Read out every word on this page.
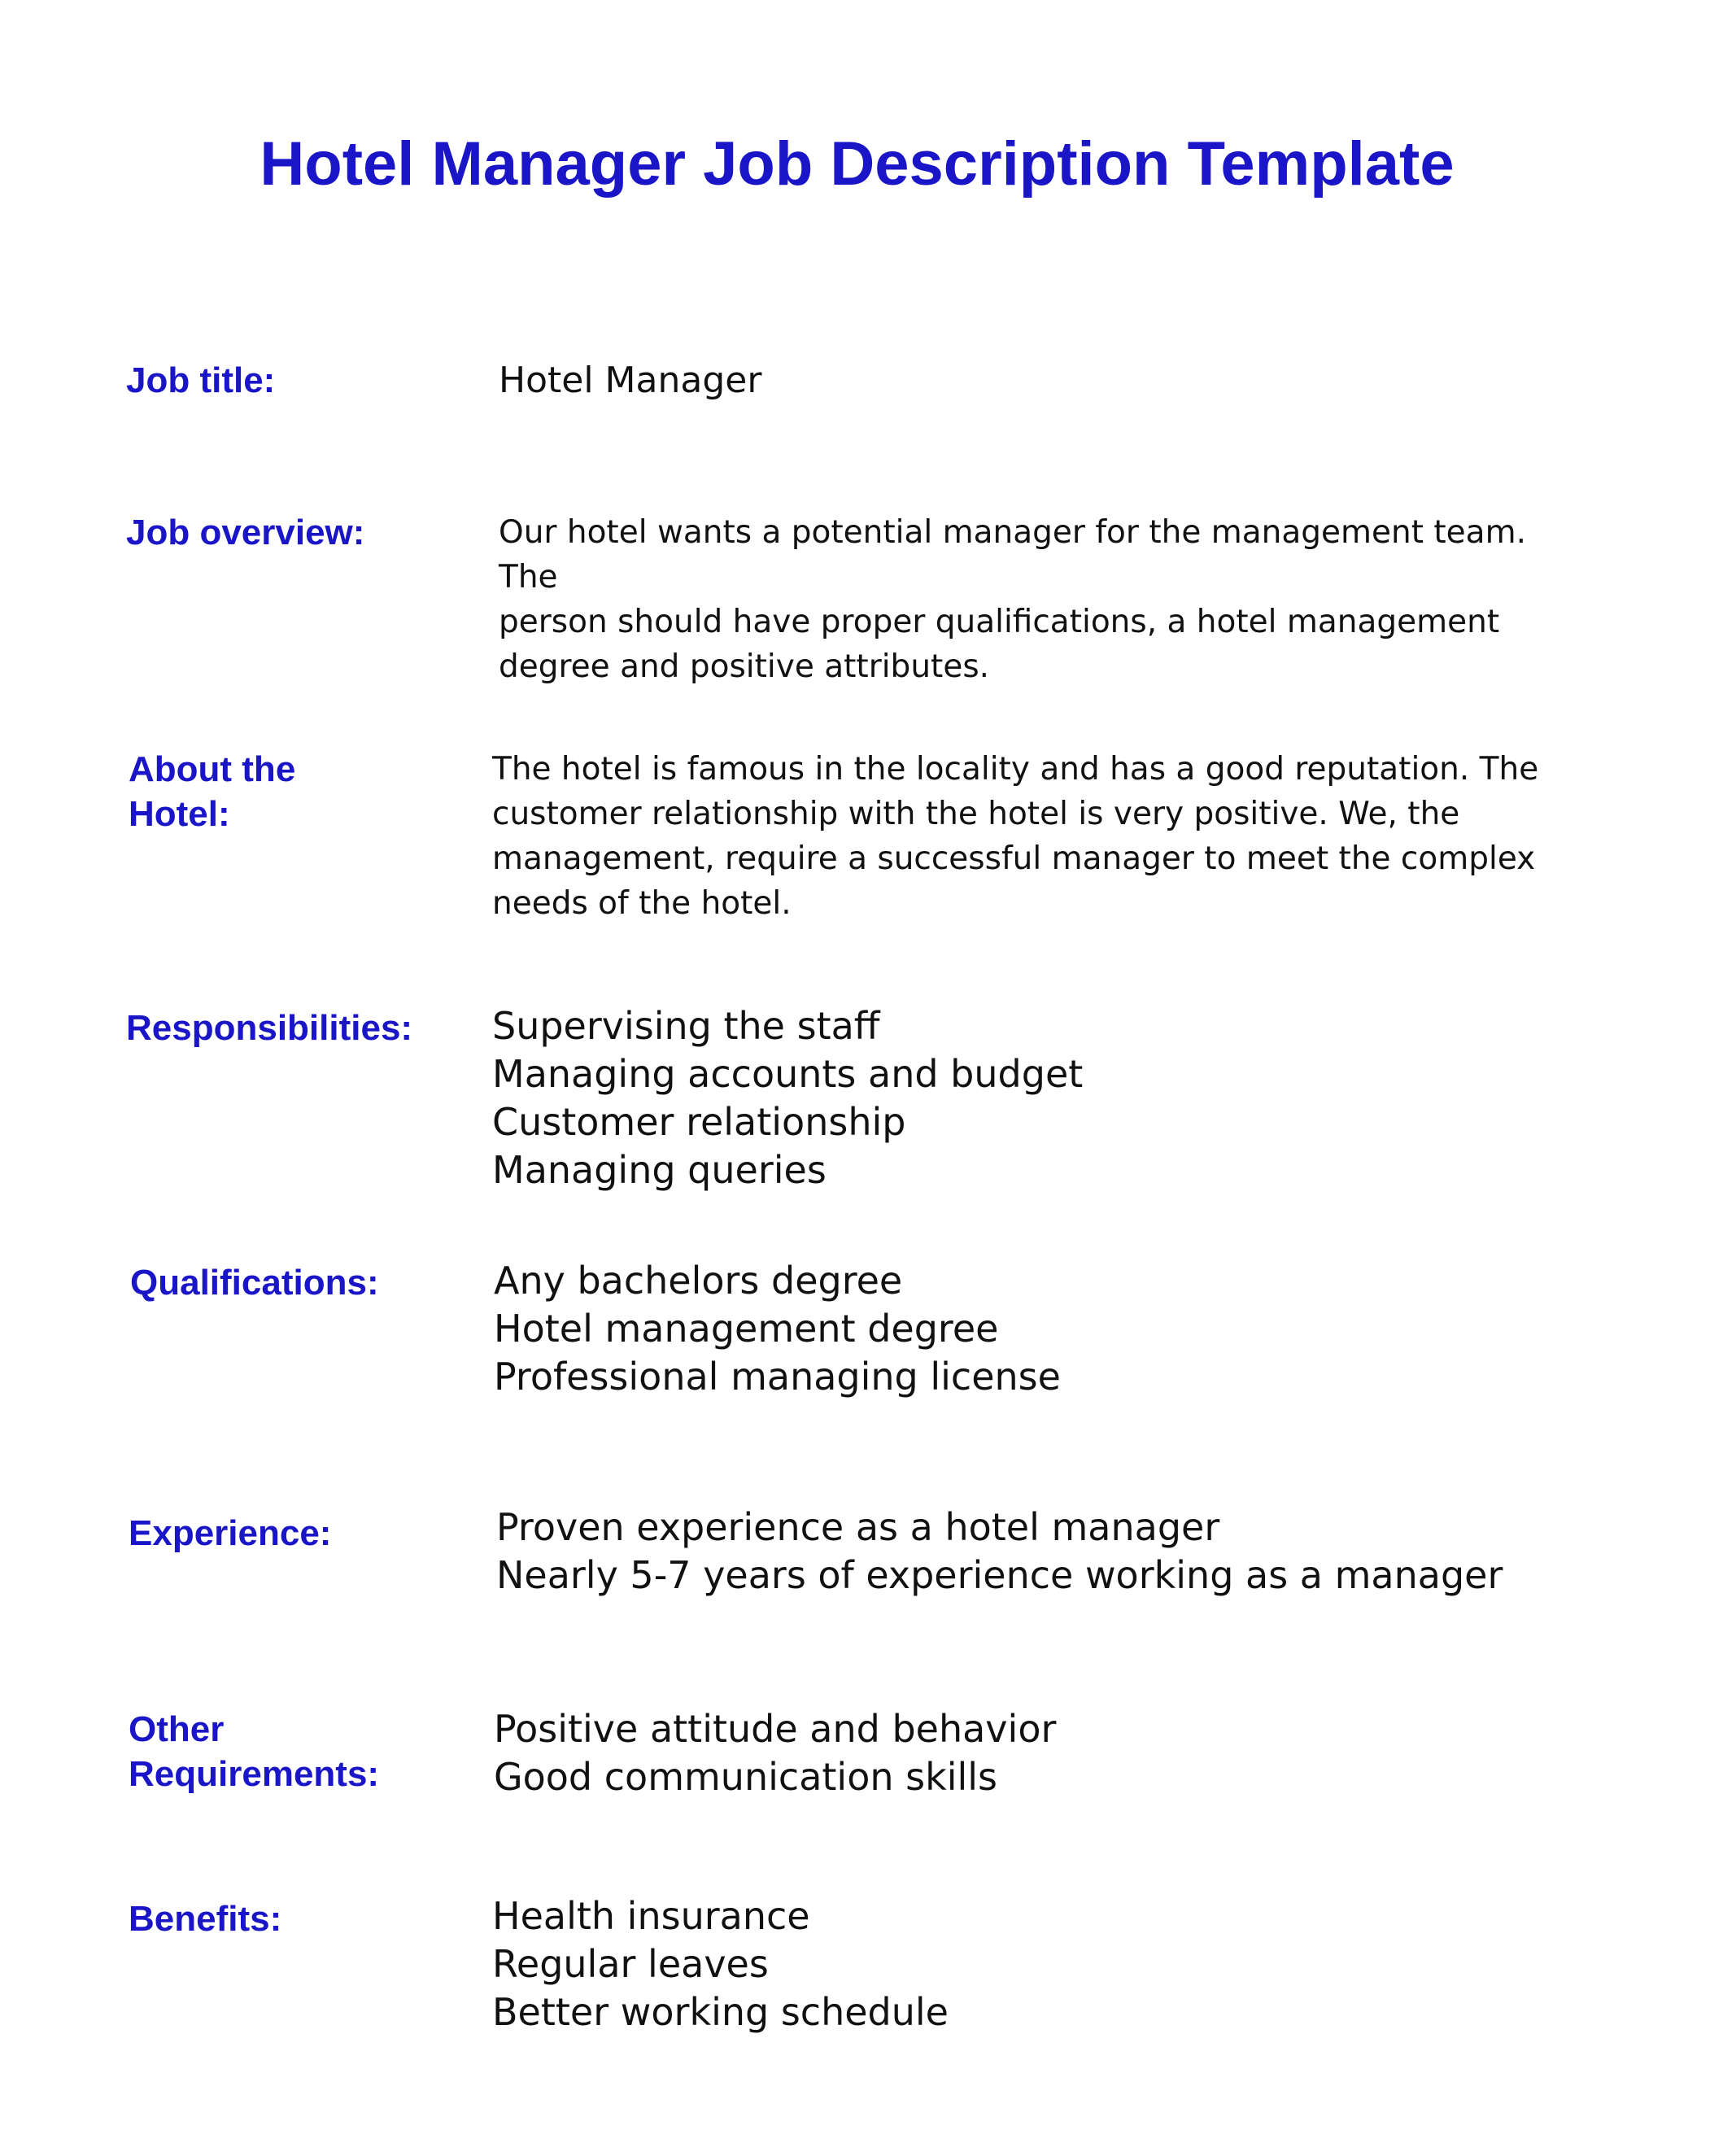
Hotel Manager Job Description Template
Job title:	Hotel Manager
Job overview:	Our hotel wants a potential manager for the management team. The
person should have proper qualifications, a hotel management
degree and positive attributes.
About the
Hotel:
The hotel is famous in the locality and has a good reputation. The
customer relationship with the hotel is very positive. We, the
management, require a successful manager to meet the complex
needs of the hotel.
Responsibilities: Supervising the staff
Managing accounts and budget
Customer relationship
Managing queries
Qualifications:	Any bachelors degree
Hotel management degree
Professional managing license
Experience:	Proven experience as a hotel manager
Nearly 5-7 years of experience working as a manager
Other
Requirements:
Positive attitude and behavior
Good communication skills
Benefits:	Health insurance
Regular leaves
Better working schedule
